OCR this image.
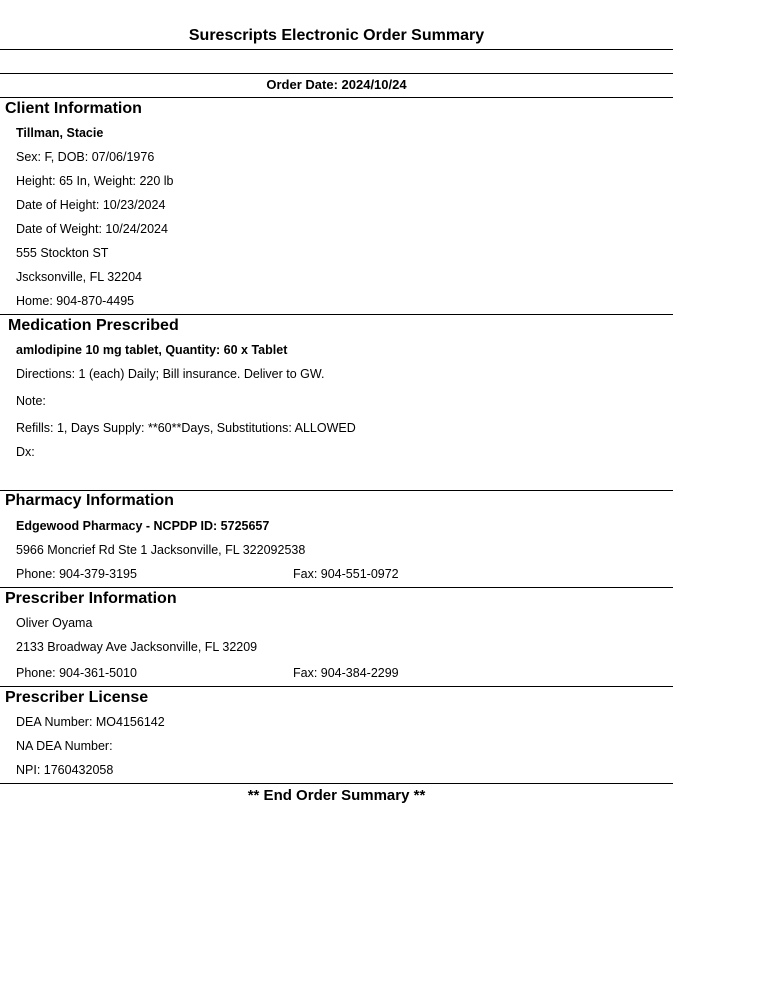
Surescripts Electronic Order Summary
Order Date: 2024/10/24
Client Information
Tillman, Stacie
Sex: F, DOB: 07/06/1976
Height: 65 In, Weight: 220 lb
Date of Height: 10/23/2024
Date of Weight: 10/24/2024
555 Stockton ST
Jscksonville, FL 32204
Home: 904-870-4495
Medication Prescribed
amlodipine 10 mg tablet, Quantity: 60 x Tablet
Directions: 1 (each) Daily; Bill insurance. Deliver to GW.
Note:
Refills: 1, Days Supply: **60**Days, Substitutions: ALLOWED
Dx:
Pharmacy Information
Edgewood Pharmacy - NCPDP ID: 5725657
5966 Moncrief Rd Ste 1 Jacksonville, FL 322092538
Phone: 904-379-3195	Fax: 904-551-0972
Prescriber Information
Oliver Oyama
2133 Broadway Ave Jacksonville, FL 32209
Phone: 904-361-5010	Fax: 904-384-2299
Prescriber License
DEA Number: MO4156142
NA DEA Number:
NPI: 1760432058
** End Order Summary **
